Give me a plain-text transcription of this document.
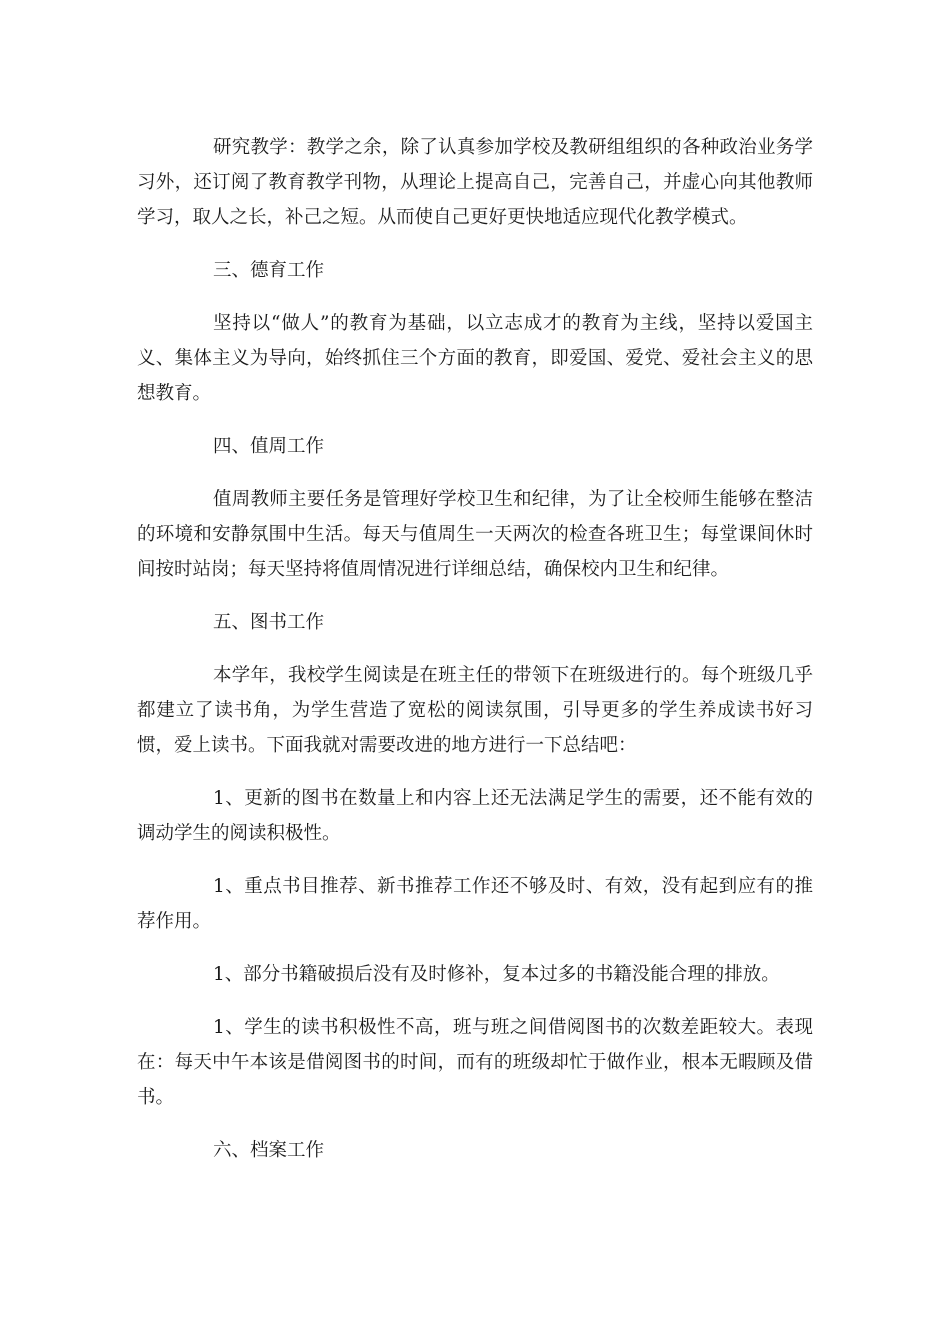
研究教学：教学之余，除了认真参加学校及教研组组织的各种政治业务学习外，还订阅了教育教学刊物，从理论上提高自己，完善自己，并虚心向其他教师学习，取人之长，补己之短。从而使自己更好更快地适应现代化教学模式。

三、德育工作

坚持以“做人”的教育为基础，以立志成才的教育为主线，坚持以爱国主义、集体主义为导向，始终抓住三个方面的教育，即爱国、爱党、爱社会主义的思想教育。

四、值周工作

值周教师主要任务是管理好学校卫生和纪律，为了让全校师生能够在整洁的环境和安静氛围中生活。每天与值周生一天两次的检查各班卫生；每堂课间休时间按时站岗；每天坚持将值周情况进行详细总结，确保校内卫生和纪律。

五、图书工作

本学年，我校学生阅读是在班主任的带领下在班级进行的。每个班级几乎都建立了读书角，为学生营造了宽松的阅读氛围，引导更多的学生养成读书好习惯，爱上读书。下面我就对需要改进的地方进行一下总结吧：

1、更新的图书在数量上和内容上还无法满足学生的需要，还不能有效的调动学生的阅读积极性。

1、重点书目推荐、新书推荐工作还不够及时、有效，没有起到应有的推荐作用。

1、部分书籍破损后没有及时修补，复本过多的书籍没能合理的排放。

1、学生的读书积极性不高，班与班之间借阅图书的次数差距较大。表现在：每天中午本该是借阅图书的时间，而有的班级却忙于做作业，根本无暇顾及借书。

六、档案工作
